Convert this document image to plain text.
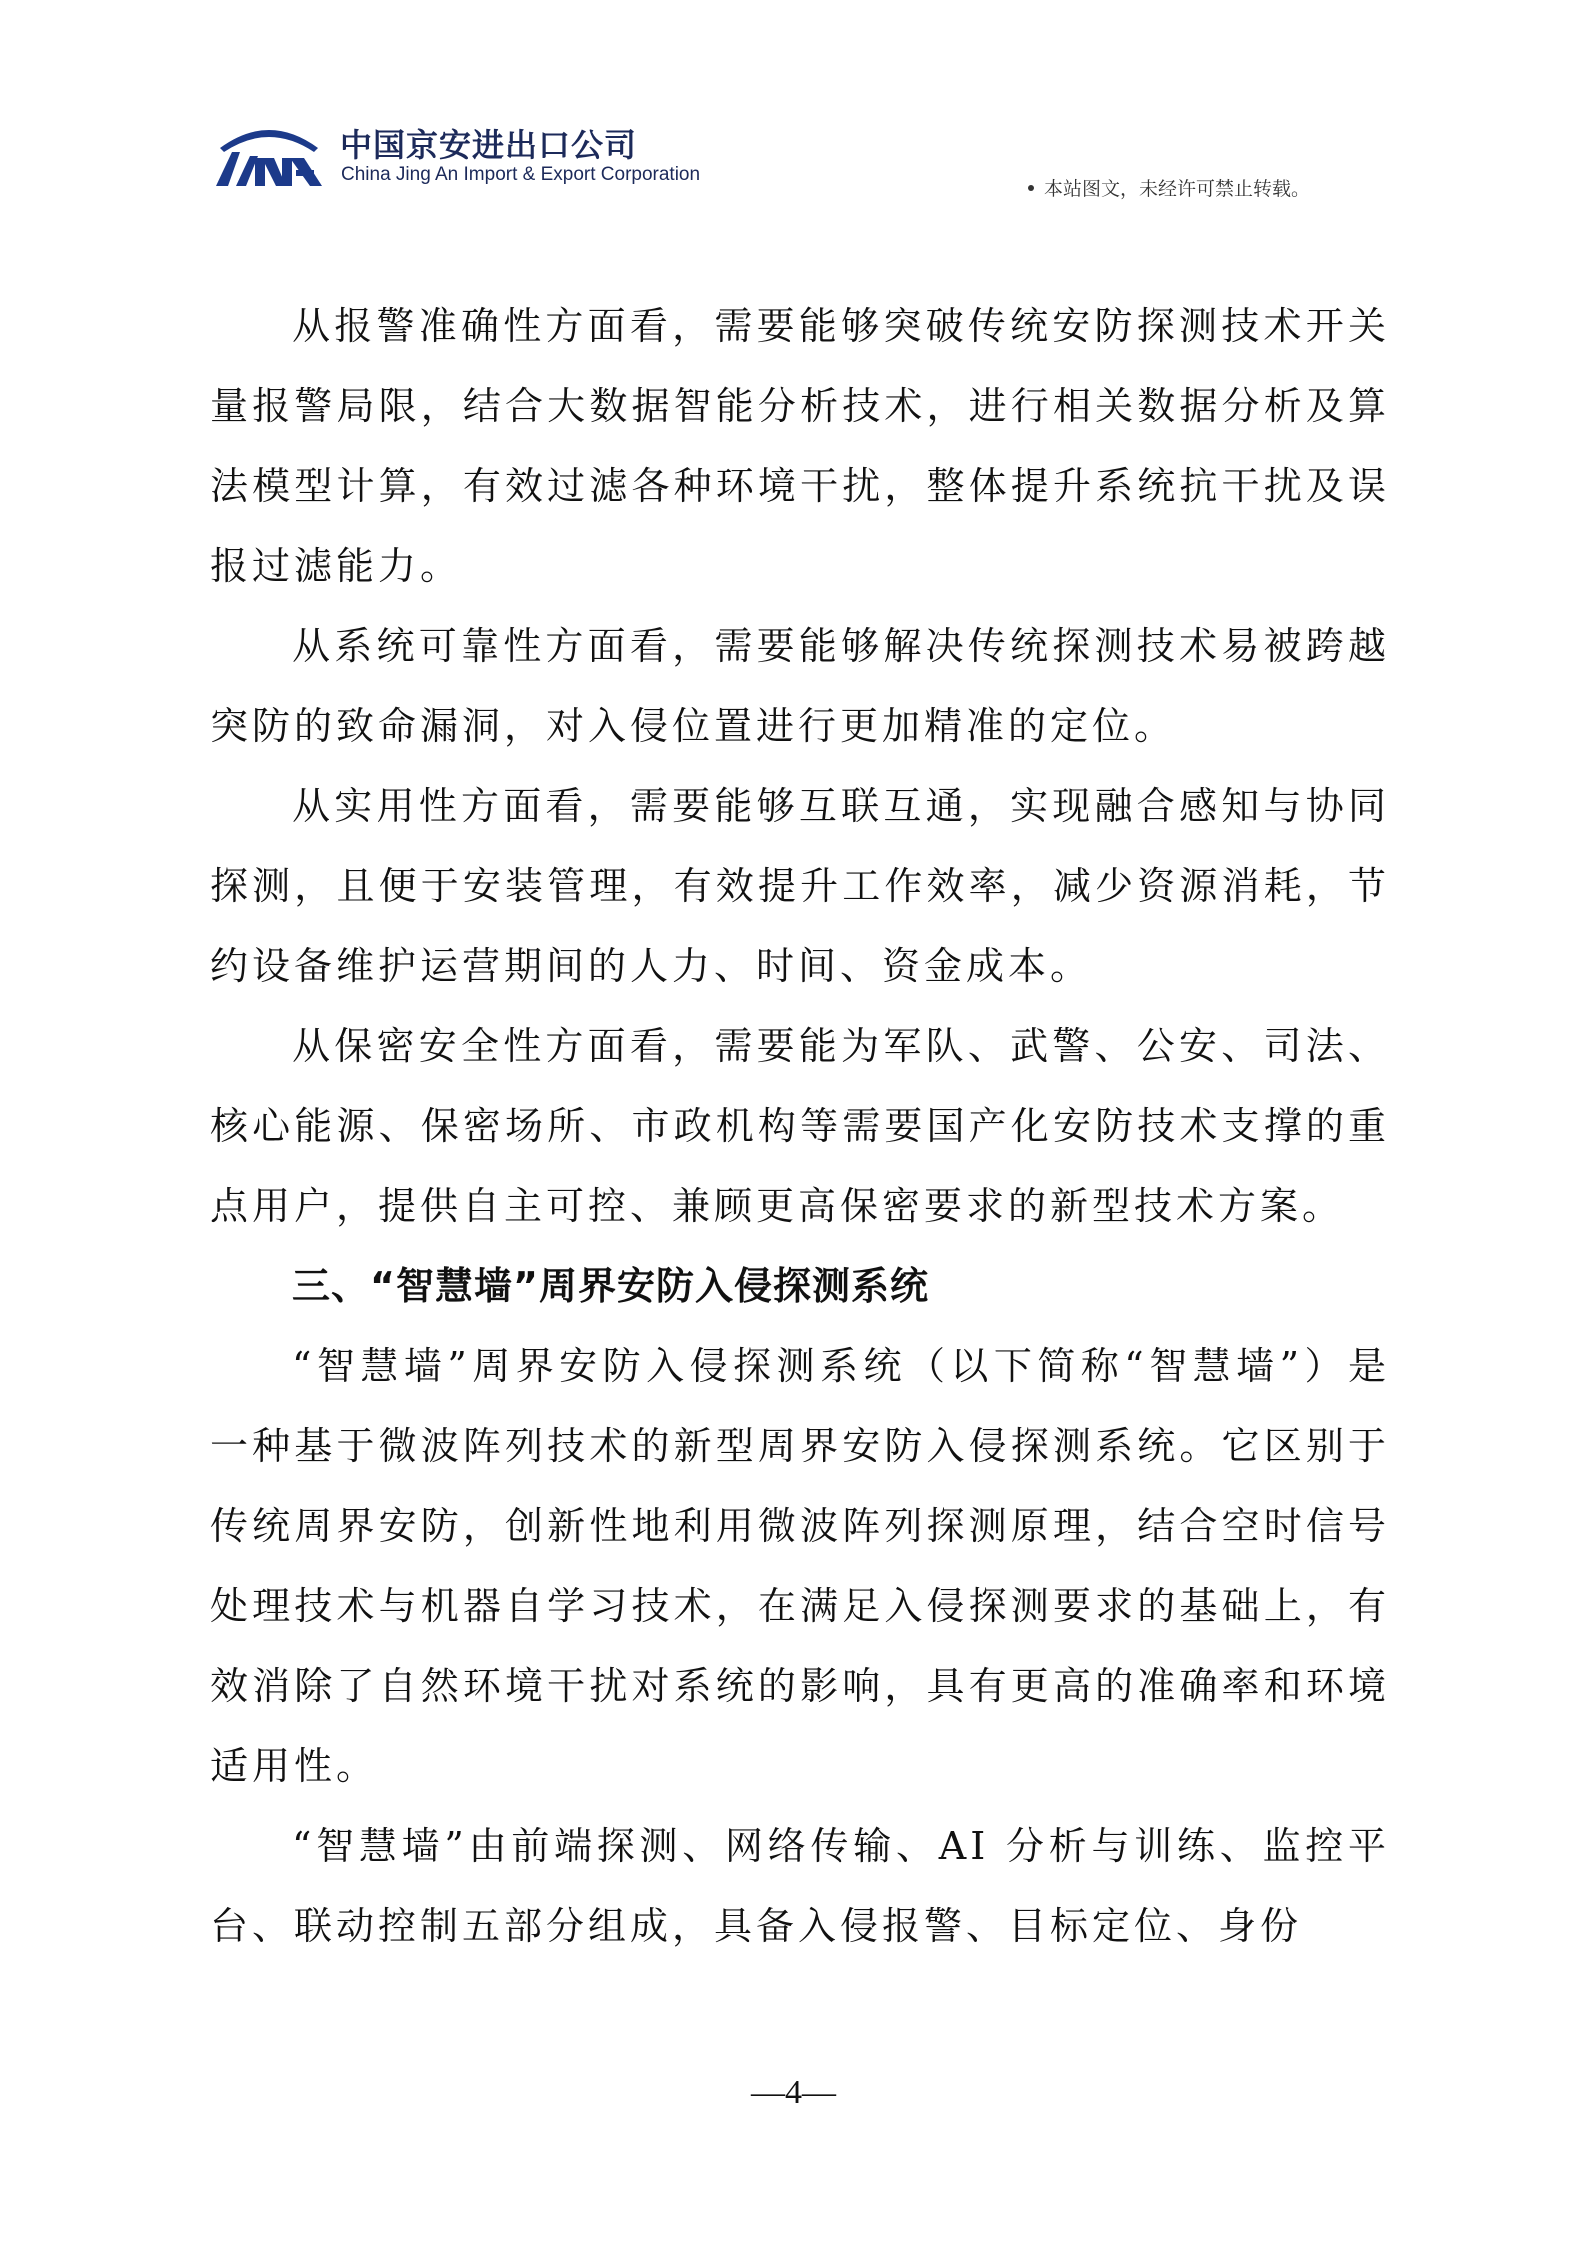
中国京安进出口公司
China Jing An Import & Export Corporation
本站图文，未经许可禁止转载。

从报警准确性方面看，需要能够突破传统安防探测技术开关量报警局限，结合大数据智能分析技术，进行相关数据分析及算法模型计算，有效过滤各种环境干扰，整体提升系统抗干扰及误报过滤能力。

从系统可靠性方面看，需要能够解决传统探测技术易被跨越突防的致命漏洞，对入侵位置进行更加精准的定位。

从实用性方面看，需要能够互联互通，实现融合感知与协同探测，且便于安装管理，有效提升工作效率，减少资源消耗，节约设备维护运营期间的人力、时间、资金成本。

从保密安全性方面看，需要能为军队、武警、公安、司法、核心能源、保密场所、市政机构等需要国产化安防技术支撑的重点用户，提供自主可控、兼顾更高保密要求的新型技术方案。

三、“智慧墙”周界安防入侵探测系统

“智慧墙”周界安防入侵探测系统（以下简称“智慧墙”）是一种基于微波阵列技术的新型周界安防入侵探测系统。它区别于传统周界安防，创新性地利用微波阵列探测原理，结合空时信号处理技术与机器自学习技术，在满足入侵探测要求的基础上，有效消除了自然环境干扰对系统的影响，具有更高的准确率和环境适用性。

“智慧墙”由前端探测、网络传输、AI 分析与训练、监控平台、联动控制五部分组成，具备入侵报警、目标定位、身份

—4—
